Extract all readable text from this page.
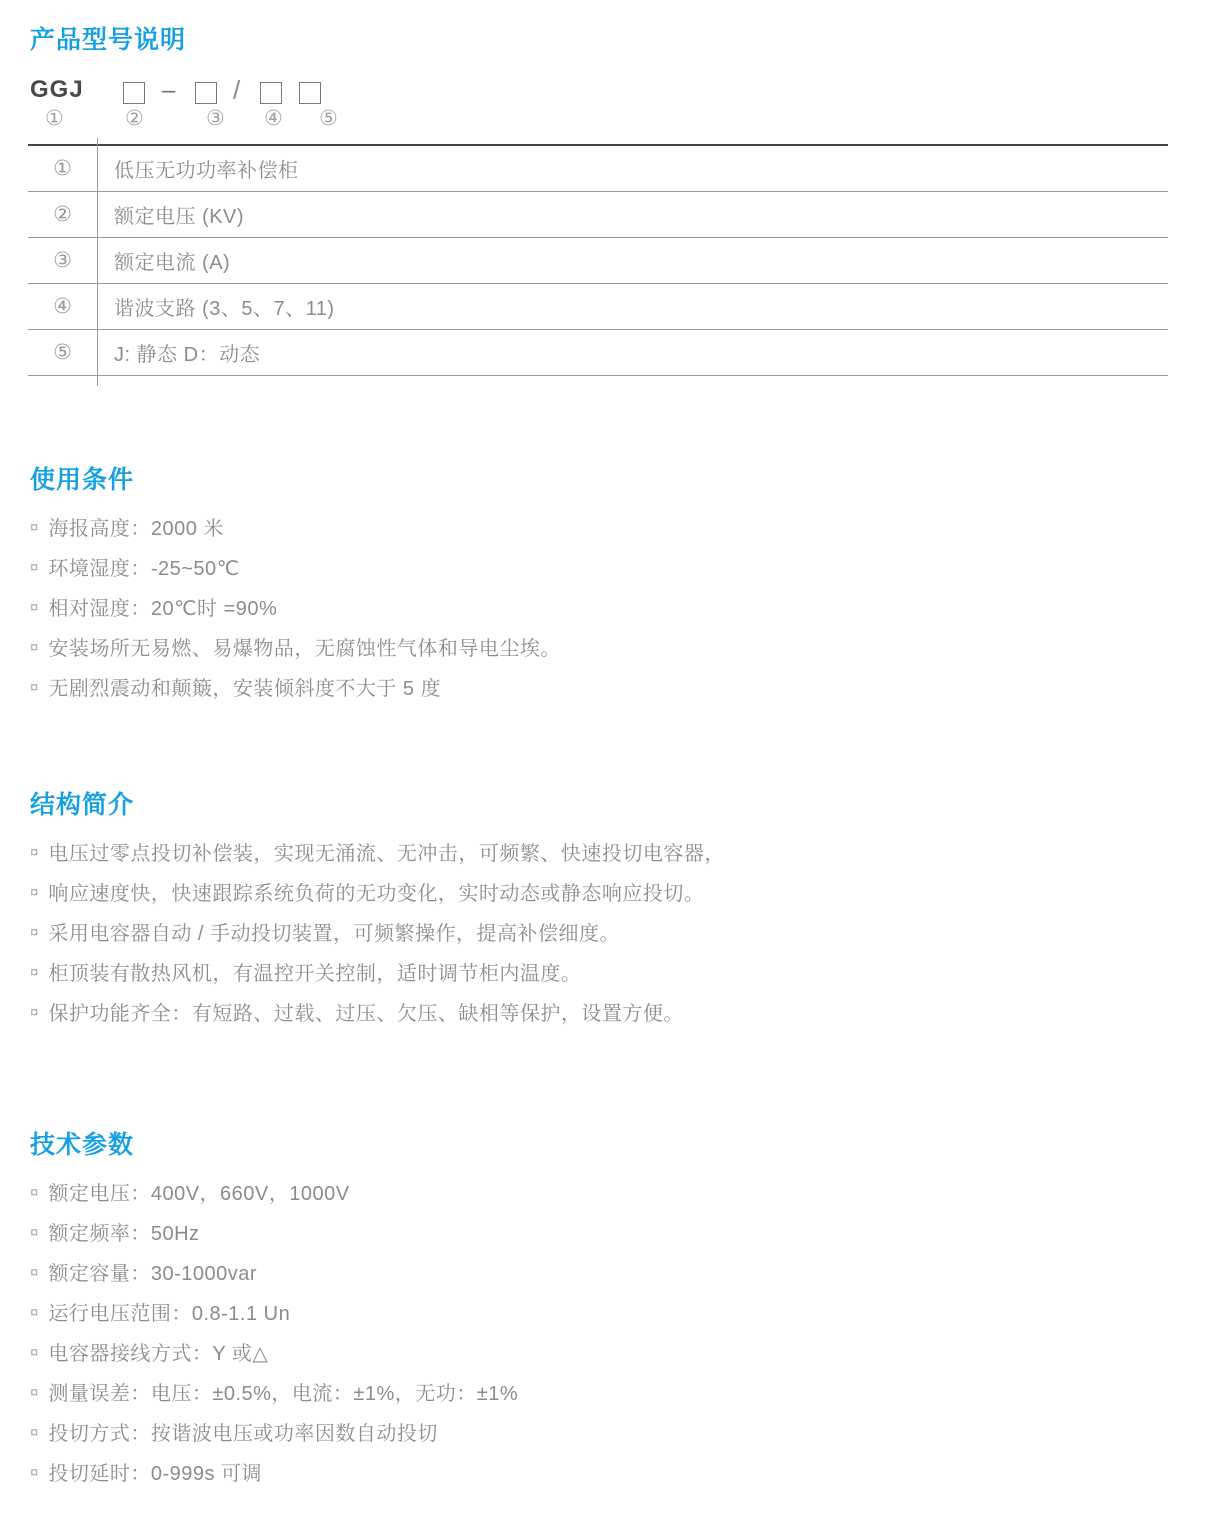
产品型号说明
GGJ	– /
①	②	③ ④ ⑤
①	低压无功功率补偿柜
②	额定电压 (KV)
③	额定电流 (A)
④	谐波支路 (3、5、7、11)
⑤	J: 静态 D：动态
使用条件
¤ 海报高度：2000 米
¤ 环境湿度：-25~50℃
¤ 相对湿度：20℃时 =90%
¤ 安装场所无易燃、易爆物品，无腐蚀性气体和导电尘埃。
¤ 无剧烈震动和颠簸，安装倾斜度不大于 5 度
结构简介
¤ 电压过零点投切补偿装，实现无涌流、无冲击，可频繁、快速投切电容器，
¤ 响应速度快，快速跟踪系统负荷的无功变化，实时动态或静态响应投切。
¤ 采用电容器自动 / 手动投切装置，可频繁操作，提高补偿细度。
¤ 柜顶装有散热风机，有温控开关控制，适时调节柜内温度。
¤ 保护功能齐全：有短路、过载、过压、欠压、缺相等保护，设置方便。
技术参数
¤ 额定电压：400V，660V，1000V
¤ 额定频率：50Hz
¤ 额定容量：30-1000var
¤ 运行电压范围：0.8-1.1 Un
¤ 电容器接线方式：Y 或△
¤ 测量误差：电压：±0.5%，电流：±1%，无功：±1%
¤ 投切方式：按谐波电压或功率因数自动投切
¤ 投切延时：0-999s 可调
